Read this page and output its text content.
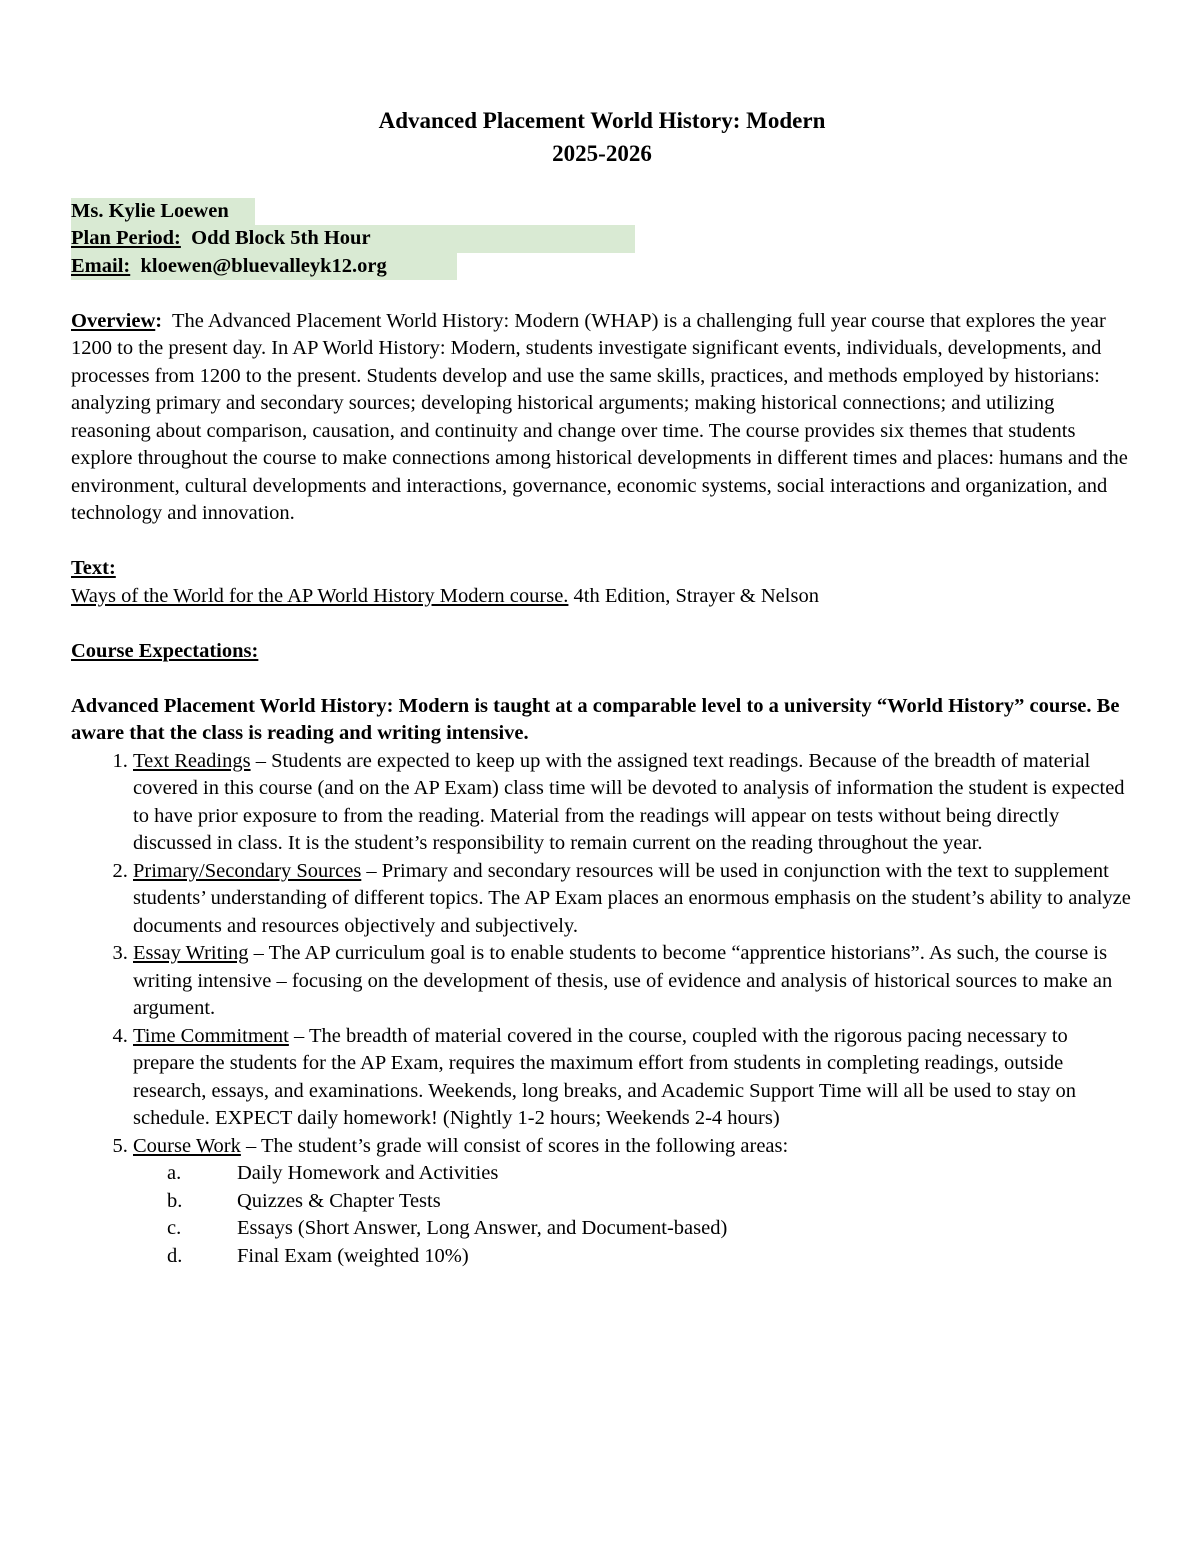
Advanced Placement World History: Modern
2025-2026
Ms. Kylie Loewen
Plan Period: Odd Block 5th Hour
Email: kloewen@bluevalleyk12.org

Overview: The Advanced Placement World History: Modern (WHAP) is a challenging full year course that explores the year 1200 to the present day. In AP World History: Modern, students investigate significant events, individuals, developments, and processes from 1200 to the present. Students develop and use the same skills, practices, and methods employed by historians: analyzing primary and secondary sources; developing historical arguments; making historical connections; and utilizing reasoning about comparison, causation, and continuity and change over time. The course provides six themes that students explore throughout the course to make connections among historical developments in different times and places: humans and the environment, cultural developments and interactions, governance, economic systems, social interactions and organization, and technology and innovation.

Text:

Ways of the World for the AP World History Modern course. 4th Edition, Strayer & Nelson

Course Expectations:

Advanced Placement World History: Modern is taught at a comparable level to a university “World History” course. Be aware that the class is reading and writing intensive.

1. Text Readings – Students are expected to keep up with the assigned text readings. Because of the breadth of material covered in this course (and on the AP Exam) class time will be devoted to analysis of information the student is expected to have prior exposure to from the reading. Material from the readings will appear on tests without being directly discussed in class. It is the student’s responsibility to remain current on the reading throughout the year.
2. Primary/Secondary Sources – Primary and secondary resources will be used in conjunction with the text to supplement students’ understanding of different topics. The AP Exam places an enormous emphasis on the student’s ability to analyze documents and resources objectively and subjectively.
3. Essay Writing – The AP curriculum goal is to enable students to become “apprentice historians”. As such, the course is writing intensive – focusing on the development of thesis, use of evidence and analysis of historical sources to make an argument.
4. Time Commitment – The breadth of material covered in the course, coupled with the rigorous pacing necessary to prepare the students for the AP Exam, requires the maximum effort from students in completing readings, outside research, essays, and examinations. Weekends, long breaks, and Academic Support Time will all be used to stay on schedule. EXPECT daily homework! (Nightly 1-2 hours; Weekends 2-4 hours)
5. Course Work – The student’s grade will consist of scores in the following areas:
a.	Daily Homework and Activities
b.	Quizzes & Chapter Tests
c.	Essays (Short Answer, Long Answer, and Document-based)
d.	Final Exam (weighted 10%)
